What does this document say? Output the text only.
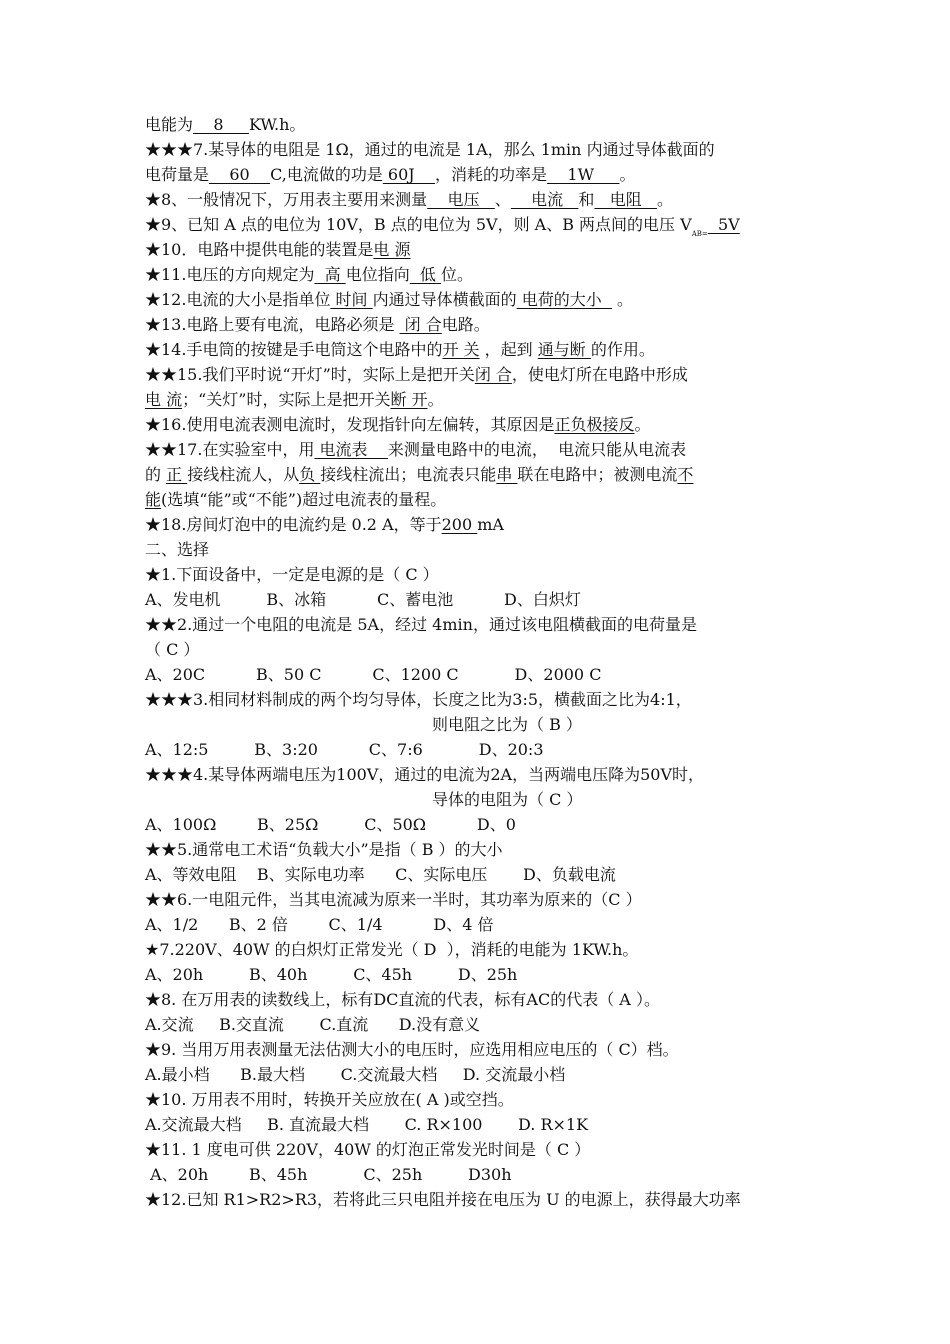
电能为    8     KW.h。
★★★7.某导体的电阻是 1Ω，通过的电流是 1A，那么 1min 内通过导体截面的
电荷量是    60    C,电流做的功是 60J    ，消耗的功率是    1W     。
★8、一般情况下，万用表主要用来测量    电压   、    电流   和   电阻   。
★9、已知 A 点的电位为 10V，B 点的电位为 5V，则 A、B 两点间的电压 $V_{AB=}$  5V
★10．电路中提供电能的装置是电 源
★11.电压的方向规定为  高 电位指向  低 位。
★12.电流的大小是指单位 时间 内通过导体横截面的 电荷的大小   。
★13.电路上要有电流，电路必须是  闭 合电路。
★14.手电筒的按键是手电筒这个电路中的开 关 ，起到 通与断 的作用。
★★15.我们平时说“开灯”时，实际上是把开关闭 合，使电灯所在电路中形成
电 流；“关灯”时，实际上是把开关断 开。
★16.使用电流表测电流时，发现指针向左偏转，其原因是正负极接反。
★★17.在实验室中，用 电流表    来测量电路中的电流，  电流只能从电流表
的 正 接线柱流人，从负 接线柱流出；电流表只能串 联在电路中；被测电流不
能(选填“能”或“不能”)超过电流表的量程。
★18.房间灯泡中的电流约是 0.2 A，等于200 mA
二、选择
★1.下面设备中，一定是电源的是（ C ）
A、发电机         B、冰箱          C、蓄电池          D、白炽灯
★★2.通过一个电阻的电流是 5A，经过 4min，通过该电阻横截面的电荷量是
（ C ）
A、20C          B、50 C          C、1200 C           D、2000 C
★★★3.相同材料制成的两个均匀导体，长度之比为3:5，横截面之比为4:1，
则电阻之比为（ B ）
A、12:5         B、3:20          C、7:6           D、20:3
★★★4.某导体两端电压为100V，通过的电流为2A，当两端电压降为50V时，
导体的电阻为（ C ）
A、100Ω        B、25Ω         C、50Ω          D、0
★★5.通常电工术语“负载大小”是指（ B ）的大小
A、等效电阻    B、实际电功率      C、实际电压       D、负载电流
★★6.一电阻元件，当其电流减为原来一半时，其功率为原来的（C ）
A、1/2      B、2 倍        C、1/4          D、4 倍
★7.220V、40W 的白炽灯正常发光（ D  ），消耗的电能为 1KW.h。
A、20h         B、40h         C、45h         D、25h
★8. 在万用表的读数线上，标有DC直流的代表，标有AC的代表（ A ）。
A.交流     B.交直流       C.直流      D.没有意义
★9. 当用万用表测量无法估测大小的电压时，应选用相应电压的（ C）档。
A.最小档      B.最大档       C.交流最大档     D. 交流最小档
★10. 万用表不用时，转换开关应放在( A )或空挡。
A.交流最大档     B. 直流最大档       C. R×100       D. R×1K
★11. 1 度电可供 220V，40W 的灯泡正常发光时间是（ C ）
A、20h        B、45h           C、25h         D30h
★12.已知 R1>R2>R3，若将此三只电阻并接在电压为 U 的电源上，获得最大功率
